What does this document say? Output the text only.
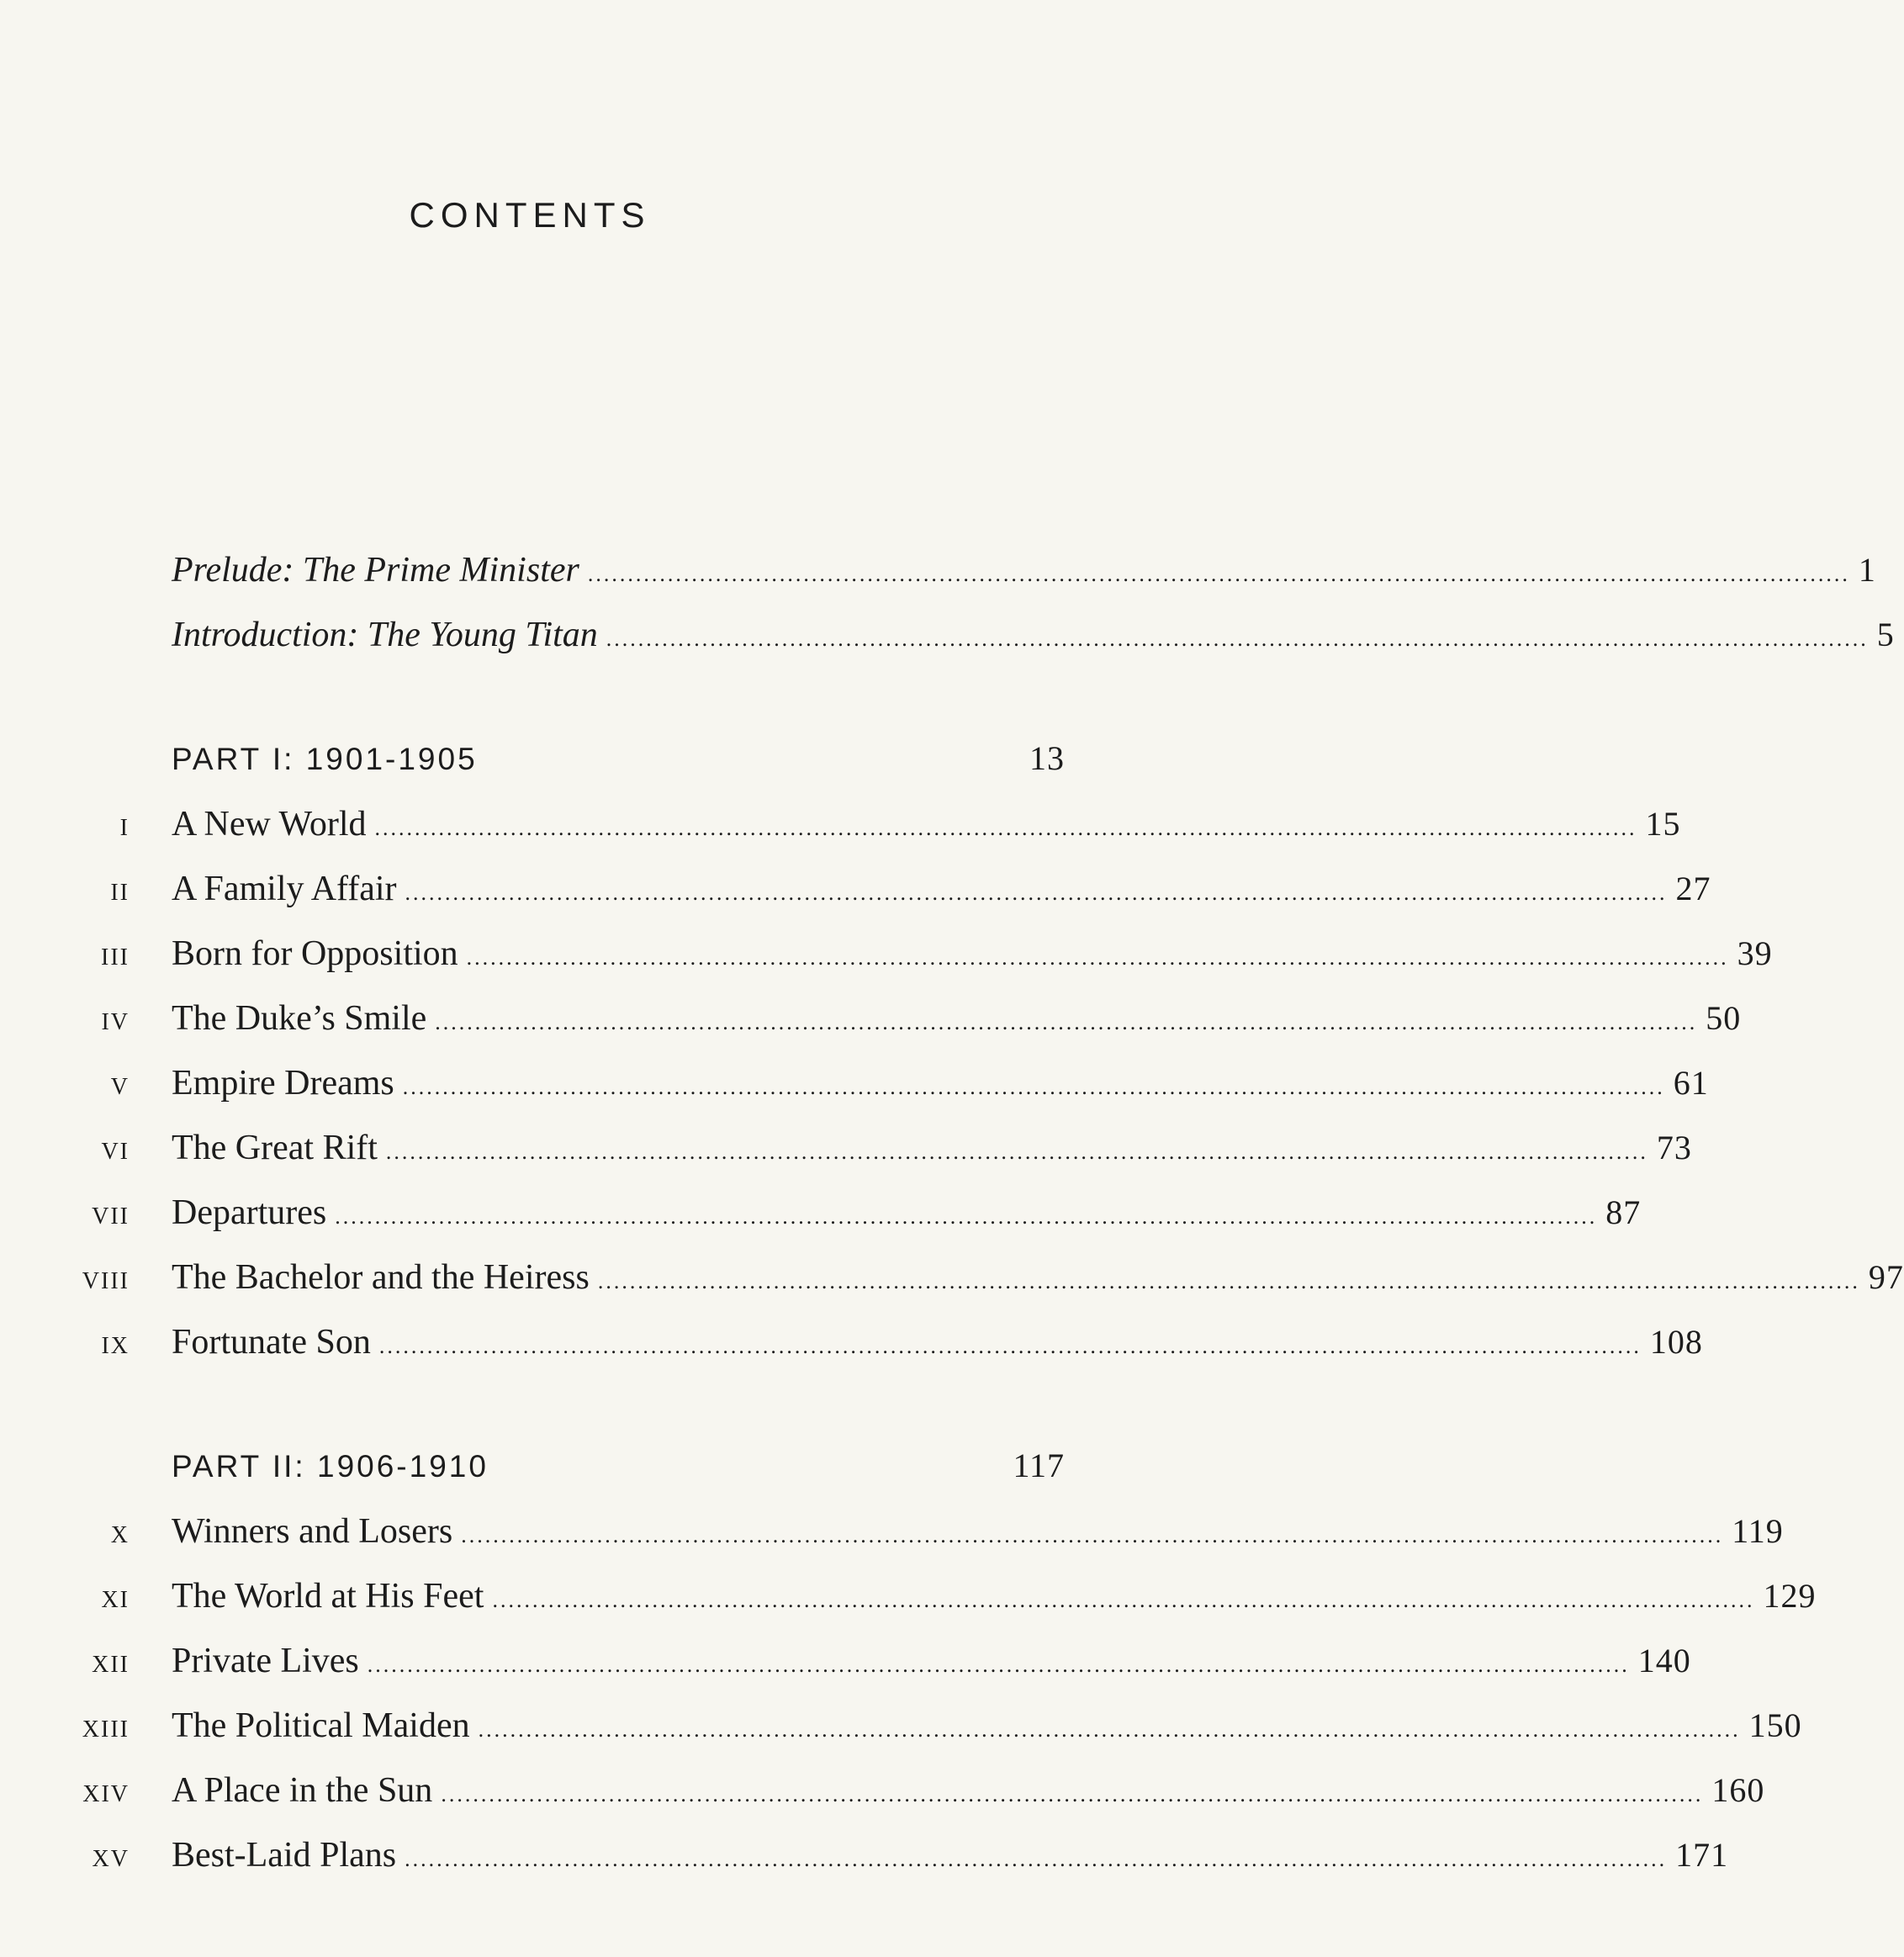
CONTENTS
Prelude: The Prime Minister .............................................................................................................................................................. 1
Introduction: The Young Titan .............................................................................................................................................................. 5
PART I: 1901-1905	13
i A New World .............................................................................................................................................................. 15
ii A Family Affair .............................................................................................................................................................. 27
iii Born for Opposition .............................................................................................................................................................. 39
iv The Duke’s Smile .............................................................................................................................................................. 50
v Empire Dreams .............................................................................................................................................................. 61
vi The Great Rift .............................................................................................................................................................. 73
vii Departures .............................................................................................................................................................. 87
viii The Bachelor and the Heiress .............................................................................................................................................................. 97
ix Fortunate Son .............................................................................................................................................................. 108
PART II: 1906-1910	117
x Winners and Losers .............................................................................................................................................................. 119
xi The World at His Feet .............................................................................................................................................................. 129
xii Private Lives .............................................................................................................................................................. 140
xiii The Political Maiden .............................................................................................................................................................. 150
xiv A Place in the Sun .............................................................................................................................................................. 160
xv Best-Laid Plans .............................................................................................................................................................. 171
